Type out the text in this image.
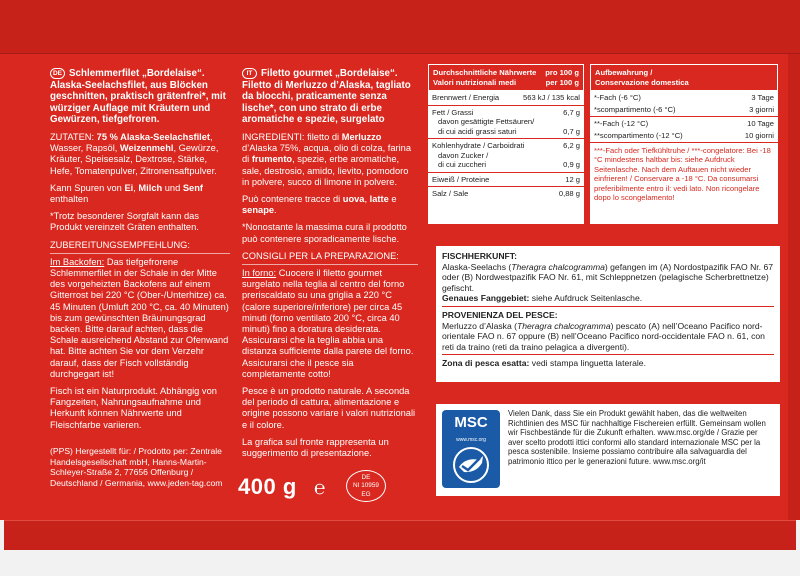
DE Schlemmerfilet „Bordelaise“. Alaska-Seelachsfilet, aus Blöcken geschnitten, praktisch grätenfrei*, mit würziger Auflage mit Kräutern und Gewürzen, tiefgefroren.

ZUTATEN: 75 % Alaska-Seelachsfilet, Wasser, Rapsöl, Weizenmehl, Gewürze, Kräuter, Speisesalz, Dextrose, Stärke, Hefe, Tomatenpulver, Zitronensaftpulver.

Kann Spuren von Ei, Milch und Senf enthalten

*Trotz besonderer Sorgfalt kann das Produkt vereinzelt Gräten enthalten.

ZUBEREITUNGSEMPFEHLUNG:

Im Backofen: Das tiefgefrorene Schlemmerfilet in der Schale in der Mitte des vorgeheizten Backofens auf einem Gitterrost bei 220 °C (Ober-/Unterhitze) ca. 45 Minuten (Umluft 200 °C, ca. 40 Minuten) bis zum gewünschten Bräunungsgrad backen. Bitte darauf achten, dass die Schale ausreichend Abstand zur Ofenwand hat. Bitte achten Sie vor dem Verzehr darauf, dass der Fisch vollständig durchgegart ist!

Fisch ist ein Naturprodukt. Abhängig von Fangzeiten, Nahrungsaufnahme und Herkunft können Nährwerte und Fleischfarbe variieren.

(PPS) Hergestellt für: / Prodotto per: Zentrale Handelsgesellschaft mbH, Hanns-Martin-Schleyer-Straße 2, 77656 Offenburg / Deutschland / Germania, www.jeden-tag.com

IT Filetto gourmet „Bordelaise“. Filetto di Merluzzo d’Alaska, tagliato da blocchi, praticamente senza lische*, con uno strato di erbe aromatiche e spezie, surgelato

INGREDIENTI: filetto di Merluzzo d’Alaska 75%, acqua, olio di colza, farina di frumento, spezie, erbe aromatiche, sale, destrosio, amido, lievito, pomodoro in polvere, succo di limone in polvere.

Può contenere tracce di uova, latte e senape.

*Nonostante la massima cura il prodotto può contenere sporadicamente lische.

CONSIGLI PER LA PREPARAZIONE:

In forno: Cuocere il filetto gourmet surgelato nella teglia al centro del forno preriscaldato su una griglia a 220 °C (calore superiore/inferiore) per circa 45 minuti (forno ventilato 200 °C, circa 40 minuti) fino a doratura desiderata. Assicurarsi che la teglia abbia una distanza sufficiente dalla parete del forno. Assicurarsi che il pesce sia completamente cotto!

Pesce è un prodotto naturale. A seconda del periodo di cattura, alimentazione e origine possono variare i valori nutrizionali e il colore.

La grafica sul fronte rappresenta un suggerimento di presentazione.

Durchschnittliche Nährwerte pro 100 g
Valori nutrizionali medi	per 100 g
Brennwert / Energia	563 kJ / 135 kcal
Fett / Grassi	6,7 g
davon gesättigte Fettsäuren/
di cui acidi grassi saturi	0,7 g
Kohlenhydrate / Carboidrati	6,2 g
davon Zucker /
di cui zuccheri	0,9 g
Eiweiß / Proteine	12 g
Salz / Sale	0,88 g
Aufbewahrung /
Conservazione domestica
*-Fach (-6 °C)	3 Tage
*scompartimento (-6 °C)	3 giorni
**-Fach (-12 °C)	10 Tage
**scompartimento (-12 °C)	10 giorni
***-Fach oder Tiefkühltruhe / ***-congelatore: Bei -18 °C mindestens haltbar bis: siehe Aufdruck Seitenlasche. Nach dem Auftauen nicht wieder einfrieren! / Conservare a -18 °C. Da consumarsi preferibilmente entro il: vedi lato. Non ricongelare dopo lo scongelamento!
FISCHHERKUNFT:
Alaska-Seelachs (Theragra chalcogramma) gefangen im (A) Nordostpazifik FAO Nr. 67 oder (B) Nordwestpazifik FAO Nr. 61, mit Schleppnetzen (pelagische Scherbrettnetze) gefischt.
Genaues Fanggebiet: siehe Aufdruck Seitenlasche.
PROVENIENZA DEL PESCE:
Merluzzo d’Alaska (Theragra chalcogramma) pescato (A) nell’Oceano Pacifico nord-orientale FAO n. 67 oppure (B) nell’Oceano Pacifico nord-occidentale FAO n. 61, con reti da traino (reti da traino pelagica a divergenti).
Zona di pesca esatta: vedi stampa linguetta laterale.
MSC
www.msc.org
Vielen Dank, dass Sie ein Produkt gewählt haben, das die weltweiten Richtlinien des MSC für nachhaltige Fischereien erfüllt. Gemeinsam wollen wir Fischbestände für die Zukunft erhalten. www.msc.org/de / Grazie per aver scelto prodotti ittici conformi allo standard internazionale MSC per la pesca sostenibile. Insieme possiamo contribuire alla salvaguardia del patrimonio ittico per le generazioni future. www.msc.org/it
400 g ℮
DE
NI 10959
EG
